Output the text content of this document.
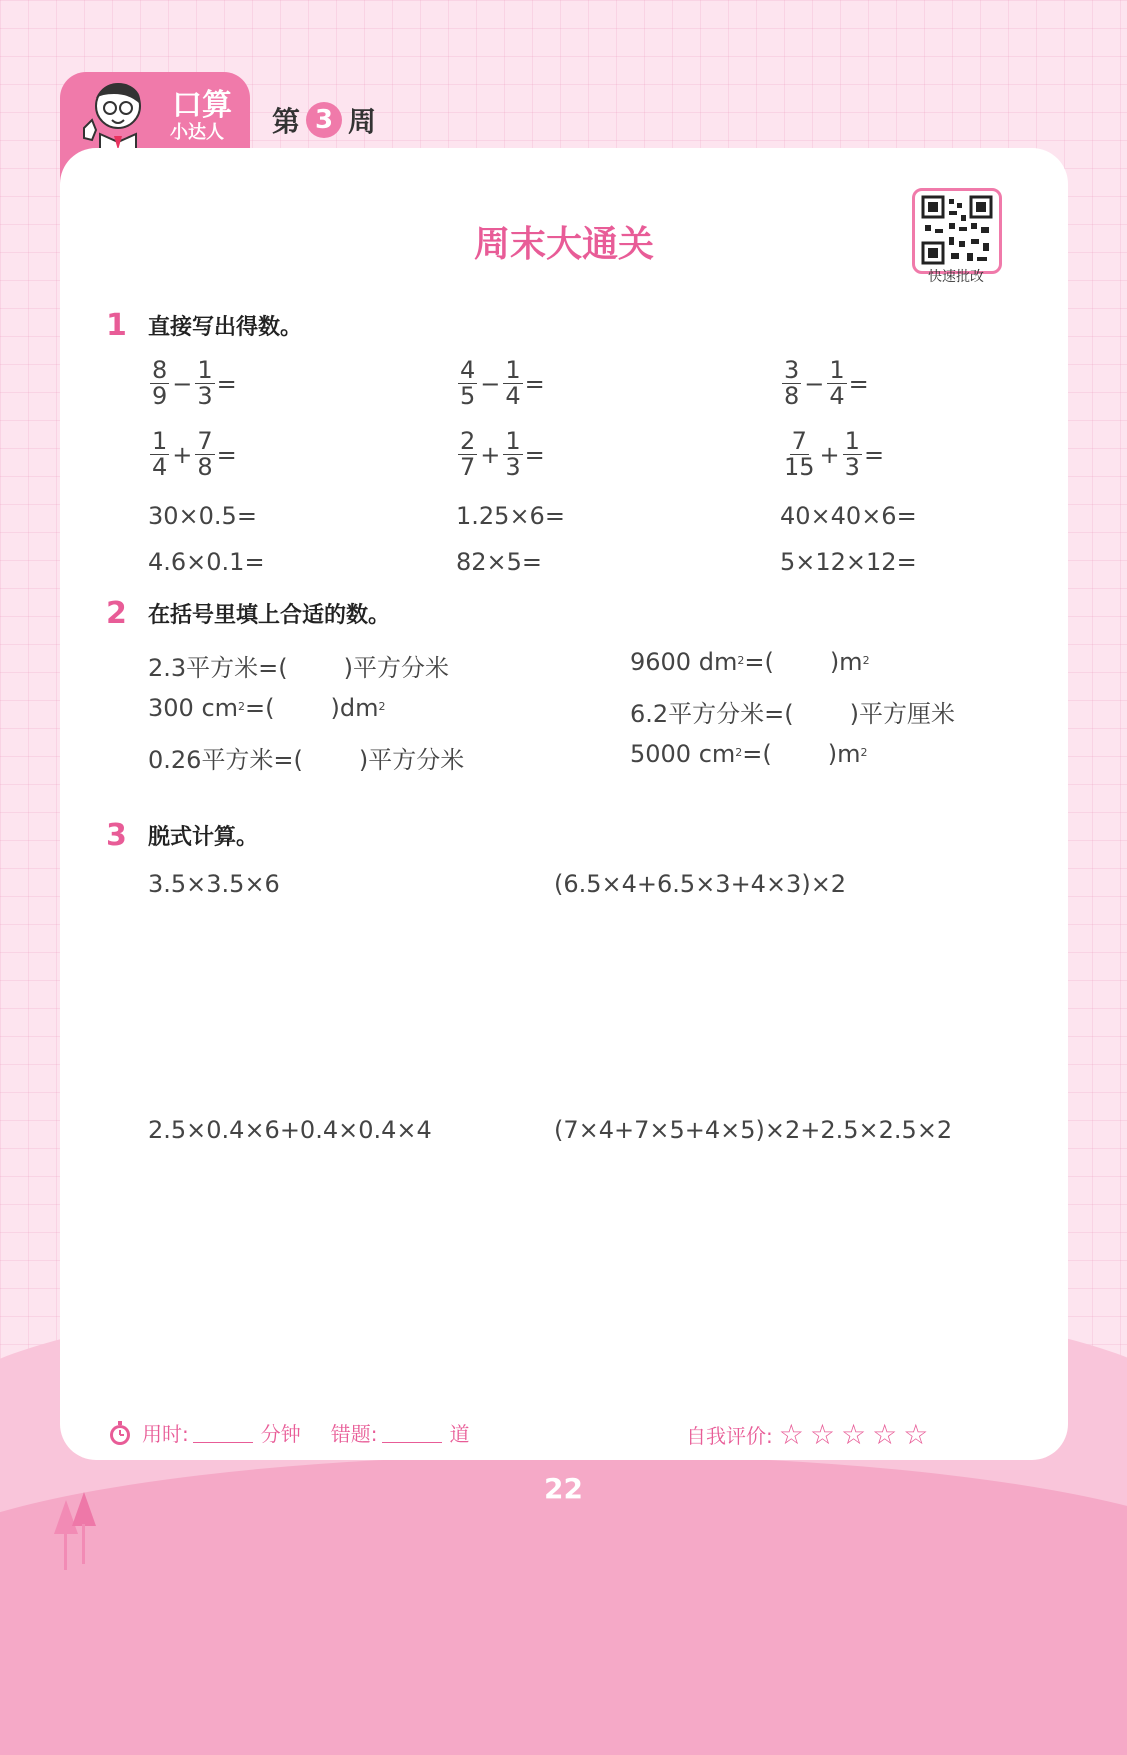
口算
小达人 第 3 周
周末大通关
快速批改
1 直接写出得数。
$\frac{8}{9} - \frac{1}{3}$ =	$\frac{4}{5} - \frac{1}{4}$ =	$\frac{3}{8} - \frac{1}{4}$ =
$\frac{1}{4} + \frac{7}{8}$ =	$\frac{2}{7} + \frac{1}{3}$ =	$\frac{7}{15} + \frac{1}{3}$ =
30×0.5=	1.25×6=	40×40×6=
4.6×0.1=	82×5=	5×12×12=
2 在括号里填上合适的数。
2.3平方米=( )平方分米	9600 $dm^2$ =( )$m^2$
300 $cm^2$ =( )$dm^2$	6.2平方分米=( )平方厘米
0.26平方米=( )平方分米	5000 $cm^2$ =( )$m^2$
3 脱式计算。
3.5×3.5×6	(6.5×4+6.5×3+4×3)×2
2.5×0.4×6+0.4×0.4×4	(7×4+7×5+4×5)×2+2.5×2.5×2
用时:	分钟 错题:	道	自我评价: ☆ ☆ ☆ ☆ ☆
22
